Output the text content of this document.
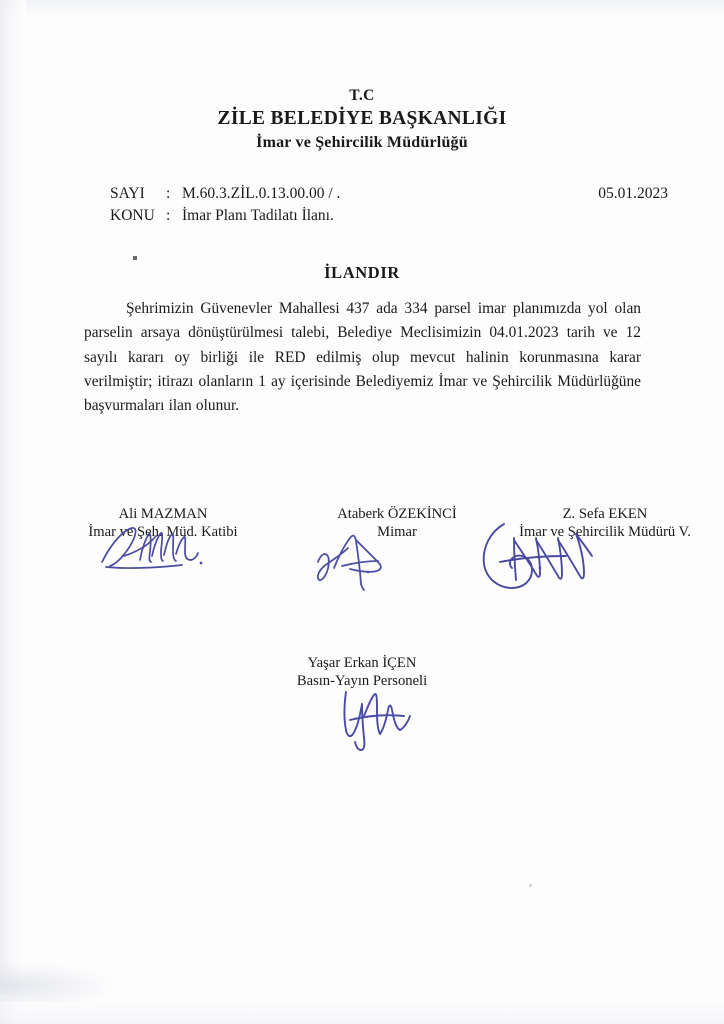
T.C
ZİLE BELEDİYE BAŞKANLIĞI
İmar ve Şehircilik Müdürlüğü
SAYI	: M.60.3.ZİL.0.13.00.00 / .
KONU : İmar Planı Tadilatı İlanı.
05.01.2023
İLANDIR
Şehrimizin Güvenevler Mahallesi 437 ada 334 parsel imar planımızda yol olan parselin arsaya dönüştürülmesi talebi, Belediye Meclisimizin 04.01.2023 tarih ve 12 sayılı kararı oy birliği ile RED edilmiş olup mevcut halinin korunmasına karar verilmiştir; itirazı olanların 1 ay içerisinde Belediyemiz İmar ve Şehircilik Müdürlüğüne başvurmaları ilan olunur.
Ali MAZMAN
İmar ve Şeh. Müd. Katibi
Ataberk ÖZEKİNCİ
Mimar
Z. Sefa EKEN
İmar ve Şehircilik Müdürü V.
Yaşar Erkan İÇEN
Basın-Yayın Personeli
